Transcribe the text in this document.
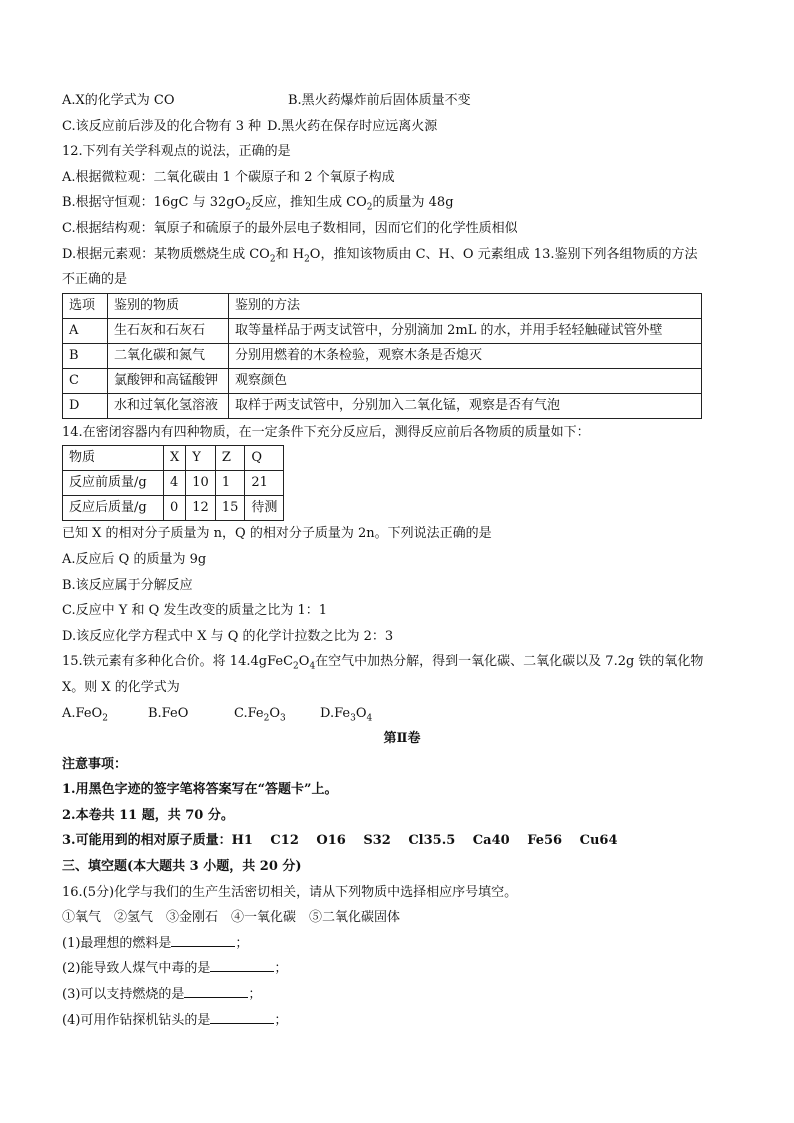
A.X的化学式为 CO	B.黑火药爆炸前后固体质量不变
C.该反应前后涉及的化合物有 3 种 D.黑火药在保存时应远离火源
12.下列有关学科观点的说法，正确的是
A.根据微粒观：二氧化碳由 1 个碳原子和 2 个氧原子构成
B.根据守恒观：16gC 与 $32gO_2$反应，推知生成 $CO_2$的质量为 48g
C.根据结构观：氧原子和硫原子的最外层电子数相同，因而它们的化学性质相似
D.根据元素观：某物质燃烧生成 $CO_2$和 $H_2O$，推知该物质由 C、H、O 元素组成 13.鉴别下列各组物质的方法
不正确的是
选项	鉴别的物质	鉴别的方法
A	生石灰和石灰石	取等量样品于两支试管中，分别滴加 2mL 的水，并用手轻轻触碰试管外壁
B	二氧化碳和氮气	分别用燃着的木条检验，观察木条是否熄灭
C	氯酸钾和高锰酸钾	观察颜色
D	水和过氧化氢溶液	取样于两支试管中，分别加入二氧化锰，观察是否有气泡
14.在密闭容器内有四种物质，在一定条件下充分反应后，测得反应前后各物质的质量如下：
物质	X	Y	Z	Q
反应前质量/g	4	10	1	21
反应后质量/g	0	12	15	待测
已知 X 的相对分子质量为 n，Q 的相对分子质量为 2n。下列说法正确的是
A.反应后 Q 的质量为 9g
B.该反应属于分解反应
C.反应中 Y 和 Q 发生改变的质量之比为 1：1
D.该反应化学方程式中 X 与 Q 的化学计拉数之比为 2：3
15.铁元素有多种化合价。将 $14.4gFeC_2O_4$在空气中加热分解，得到一氧化碳、二氧化碳以及 7.2g 铁的氧化物
X。则 X 的化学式为
A.FeO$_2$	B.FeO	$C.Fe_2O_3$	$D.Fe_3O_4$
第Ⅱ卷
注意事项：
1.用黑色字迹的签字笔将答案写在“答题卡”上。
2.本卷共 11 题，共 70 分。
3.可能用到的相对原子质量：H1　 C12　 O16　 S32　 Cl35.5　 Ca40　 Fe56　 Cu64
三、填空题(本大题共 3 小题，共 20 分)
16.(5分)化学与我们的生产生活密切相关，请从下列物质中选择相应序号填空。
①氧气　②氢气　③金刚石　④一氧化碳　⑤二氧化碳固体
(1)最理想的燃料是	；
(2)能导致人煤气中毒的是	；
(3)可以支持燃烧的是	；
(4)可用作钻探机钻头的是	；
